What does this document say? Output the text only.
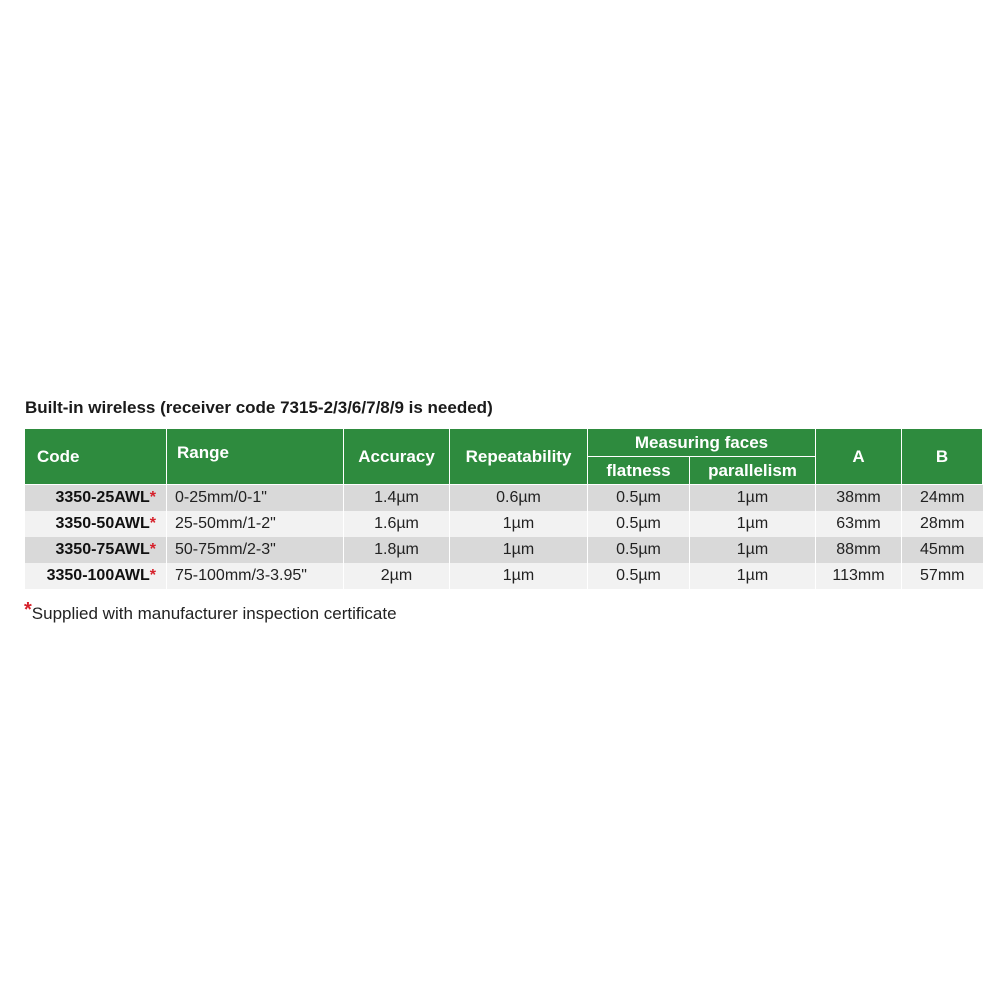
Built-in wireless (receiver code 7315-2/3/6/7/8/9 is needed)
Code	Range	Accuracy	Repeatability	Measuring faces		A	B
				flatness	parallelism		
3350-25AWL*	0-25mm/0-1"	1.4µm	0.6µm	0.5µm	1µm	38mm	24mm
3350-50AWL*	25-50mm/1-2"	1.6µm	1µm	0.5µm	1µm	63mm	28mm
3350-75AWL*	50-75mm/2-3"	1.8µm	1µm	0.5µm	1µm	88mm	45mm
3350-100AWL*	75-100mm/3-3.95"	2µm	1µm	0.5µm	1µm	113mm	57mm
*Supplied with manufacturer inspection certificate
